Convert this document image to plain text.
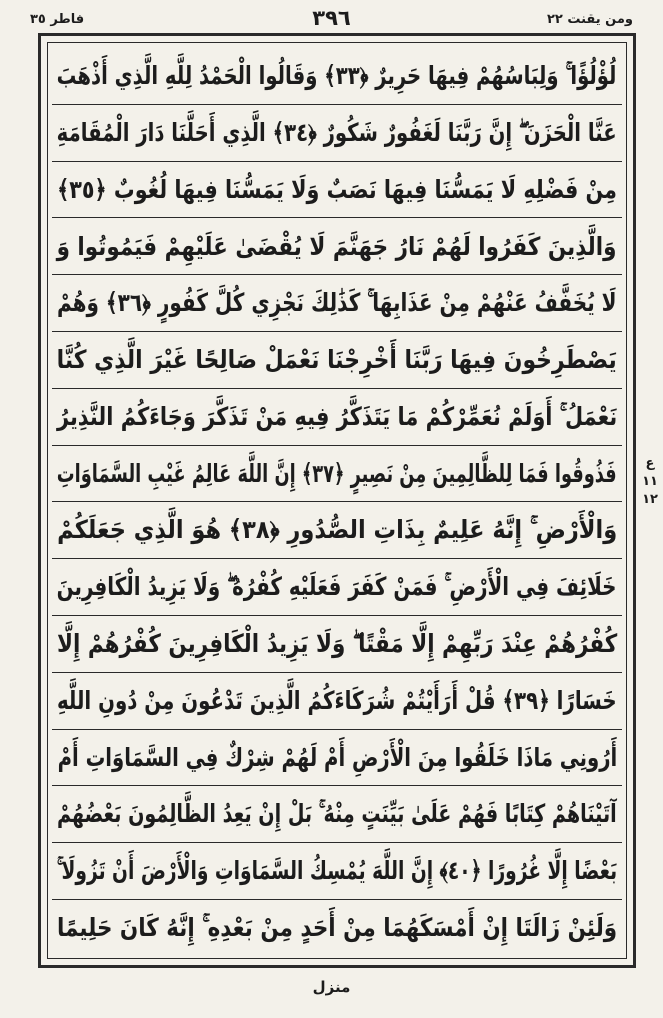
ومن يقنت ٢٢
٣٩٦
فاطر ٣٥
لُؤْلُؤًا ۚ وَلِبَاسُهُمْ فِيهَا حَرِيرٌ ﴿٣٣﴾ وَقَالُوا الْحَمْدُ لِلَّهِ الَّذِي أَذْهَبَ
عَنَّا الْحَزَنَ ۖ إِنَّ رَبَّنَا لَغَفُورٌ شَكُورٌ ﴿٣٤﴾ الَّذِي أَحَلَّنَا دَارَ الْمُقَامَةِ
مِنْ فَضْلِهِ لَا يَمَسُّنَا فِيهَا نَصَبٌ وَلَا يَمَسُّنَا فِيهَا لُغُوبٌ ﴿٣٥﴾
وَالَّذِينَ كَفَرُوا لَهُمْ نَارُ جَهَنَّمَ لَا يُقْضَىٰ عَلَيْهِمْ فَيَمُوتُوا وَ
لَا يُخَفَّفُ عَنْهُمْ مِنْ عَذَابِهَا ۚ كَذَٰلِكَ نَجْزِي كُلَّ كَفُورٍ ﴿٣٦﴾ وَهُمْ
يَصْطَرِخُونَ فِيهَا رَبَّنَا أَخْرِجْنَا نَعْمَلْ صَالِحًا غَيْرَ الَّذِي كُنَّا
نَعْمَلُ ۚ أَوَلَمْ نُعَمِّرْكُمْ مَا يَتَذَكَّرُ فِيهِ مَنْ تَذَكَّرَ وَجَاءَكُمُ النَّذِيرُ
فَذُوقُوا فَمَا لِلظَّالِمِينَ مِنْ نَصِيرٍ ﴿٣٧﴾ إِنَّ اللَّهَ عَالِمُ غَيْبِ السَّمَاوَاتِ
وَالْأَرْضِ ۚ إِنَّهُ عَلِيمٌ بِذَاتِ الصُّدُورِ ﴿٣٨﴾ هُوَ الَّذِي جَعَلَكُمْ
خَلَائِفَ فِي الْأَرْضِ ۚ فَمَنْ كَفَرَ فَعَلَيْهِ كُفْرُهُ ۖ وَلَا يَزِيدُ الْكَافِرِينَ
كُفْرُهُمْ عِنْدَ رَبِّهِمْ إِلَّا مَقْتًا ۖ وَلَا يَزِيدُ الْكَافِرِينَ كُفْرُهُمْ إِلَّا
خَسَارًا ﴿٣٩﴾ قُلْ أَرَأَيْتُمْ شُرَكَاءَكُمُ الَّذِينَ تَدْعُونَ مِنْ دُونِ اللَّهِ
أَرُونِي مَاذَا خَلَقُوا مِنَ الْأَرْضِ أَمْ لَهُمْ شِرْكٌ فِي السَّمَاوَاتِ أَمْ
آتَيْنَاهُمْ كِتَابًا فَهُمْ عَلَىٰ بَيِّنَتٍ مِنْهُ ۚ بَلْ إِنْ يَعِدُ الظَّالِمُونَ بَعْضُهُمْ
بَعْضًا إِلَّا غُرُورًا ﴿٤٠﴾ إِنَّ اللَّهَ يُمْسِكُ السَّمَاوَاتِ وَالْأَرْضَ أَنْ تَزُولَا ۚ
وَلَئِنْ زَالَتَا إِنْ أَمْسَكَهُمَا مِنْ أَحَدٍ مِنْ بَعْدِهِ ۚ إِنَّهُ كَانَ حَلِيمًا
ع ١١ ١٢
منزل
